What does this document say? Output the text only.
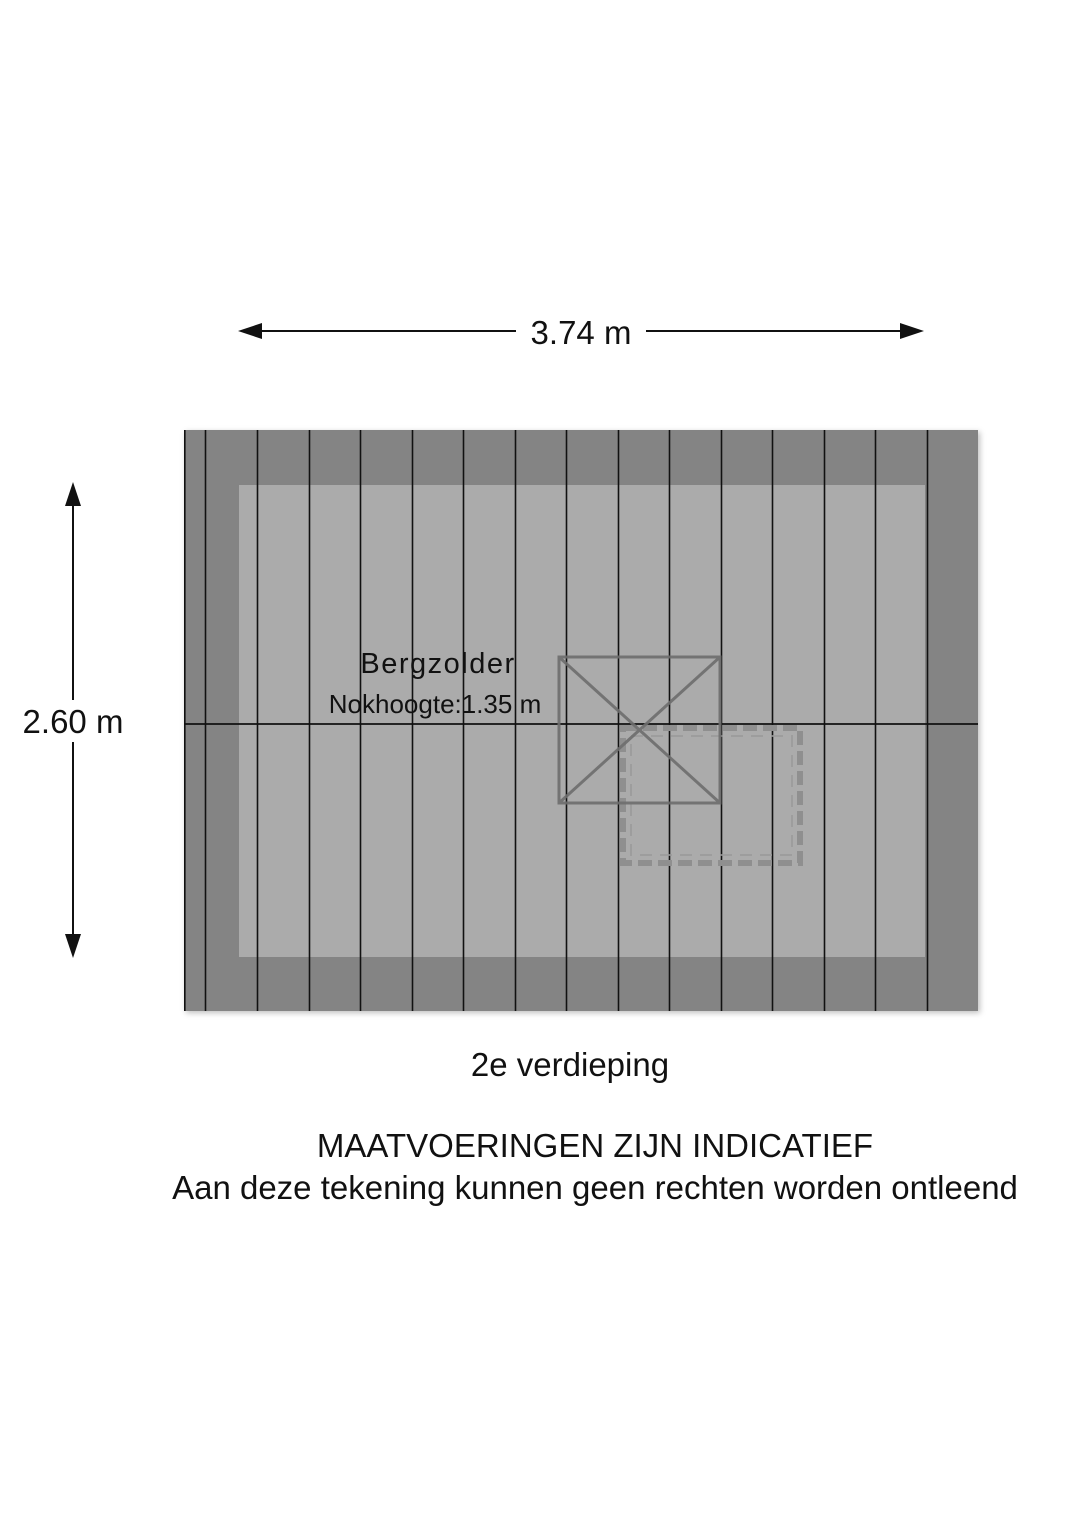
3.74 m
2.60 m
Bergzolder
Nokhoogte:1.35 m
2e verdieping
MAATVOERINGEN ZIJN INDICATIEF
Aan deze tekening kunnen geen rechten worden ontleend
